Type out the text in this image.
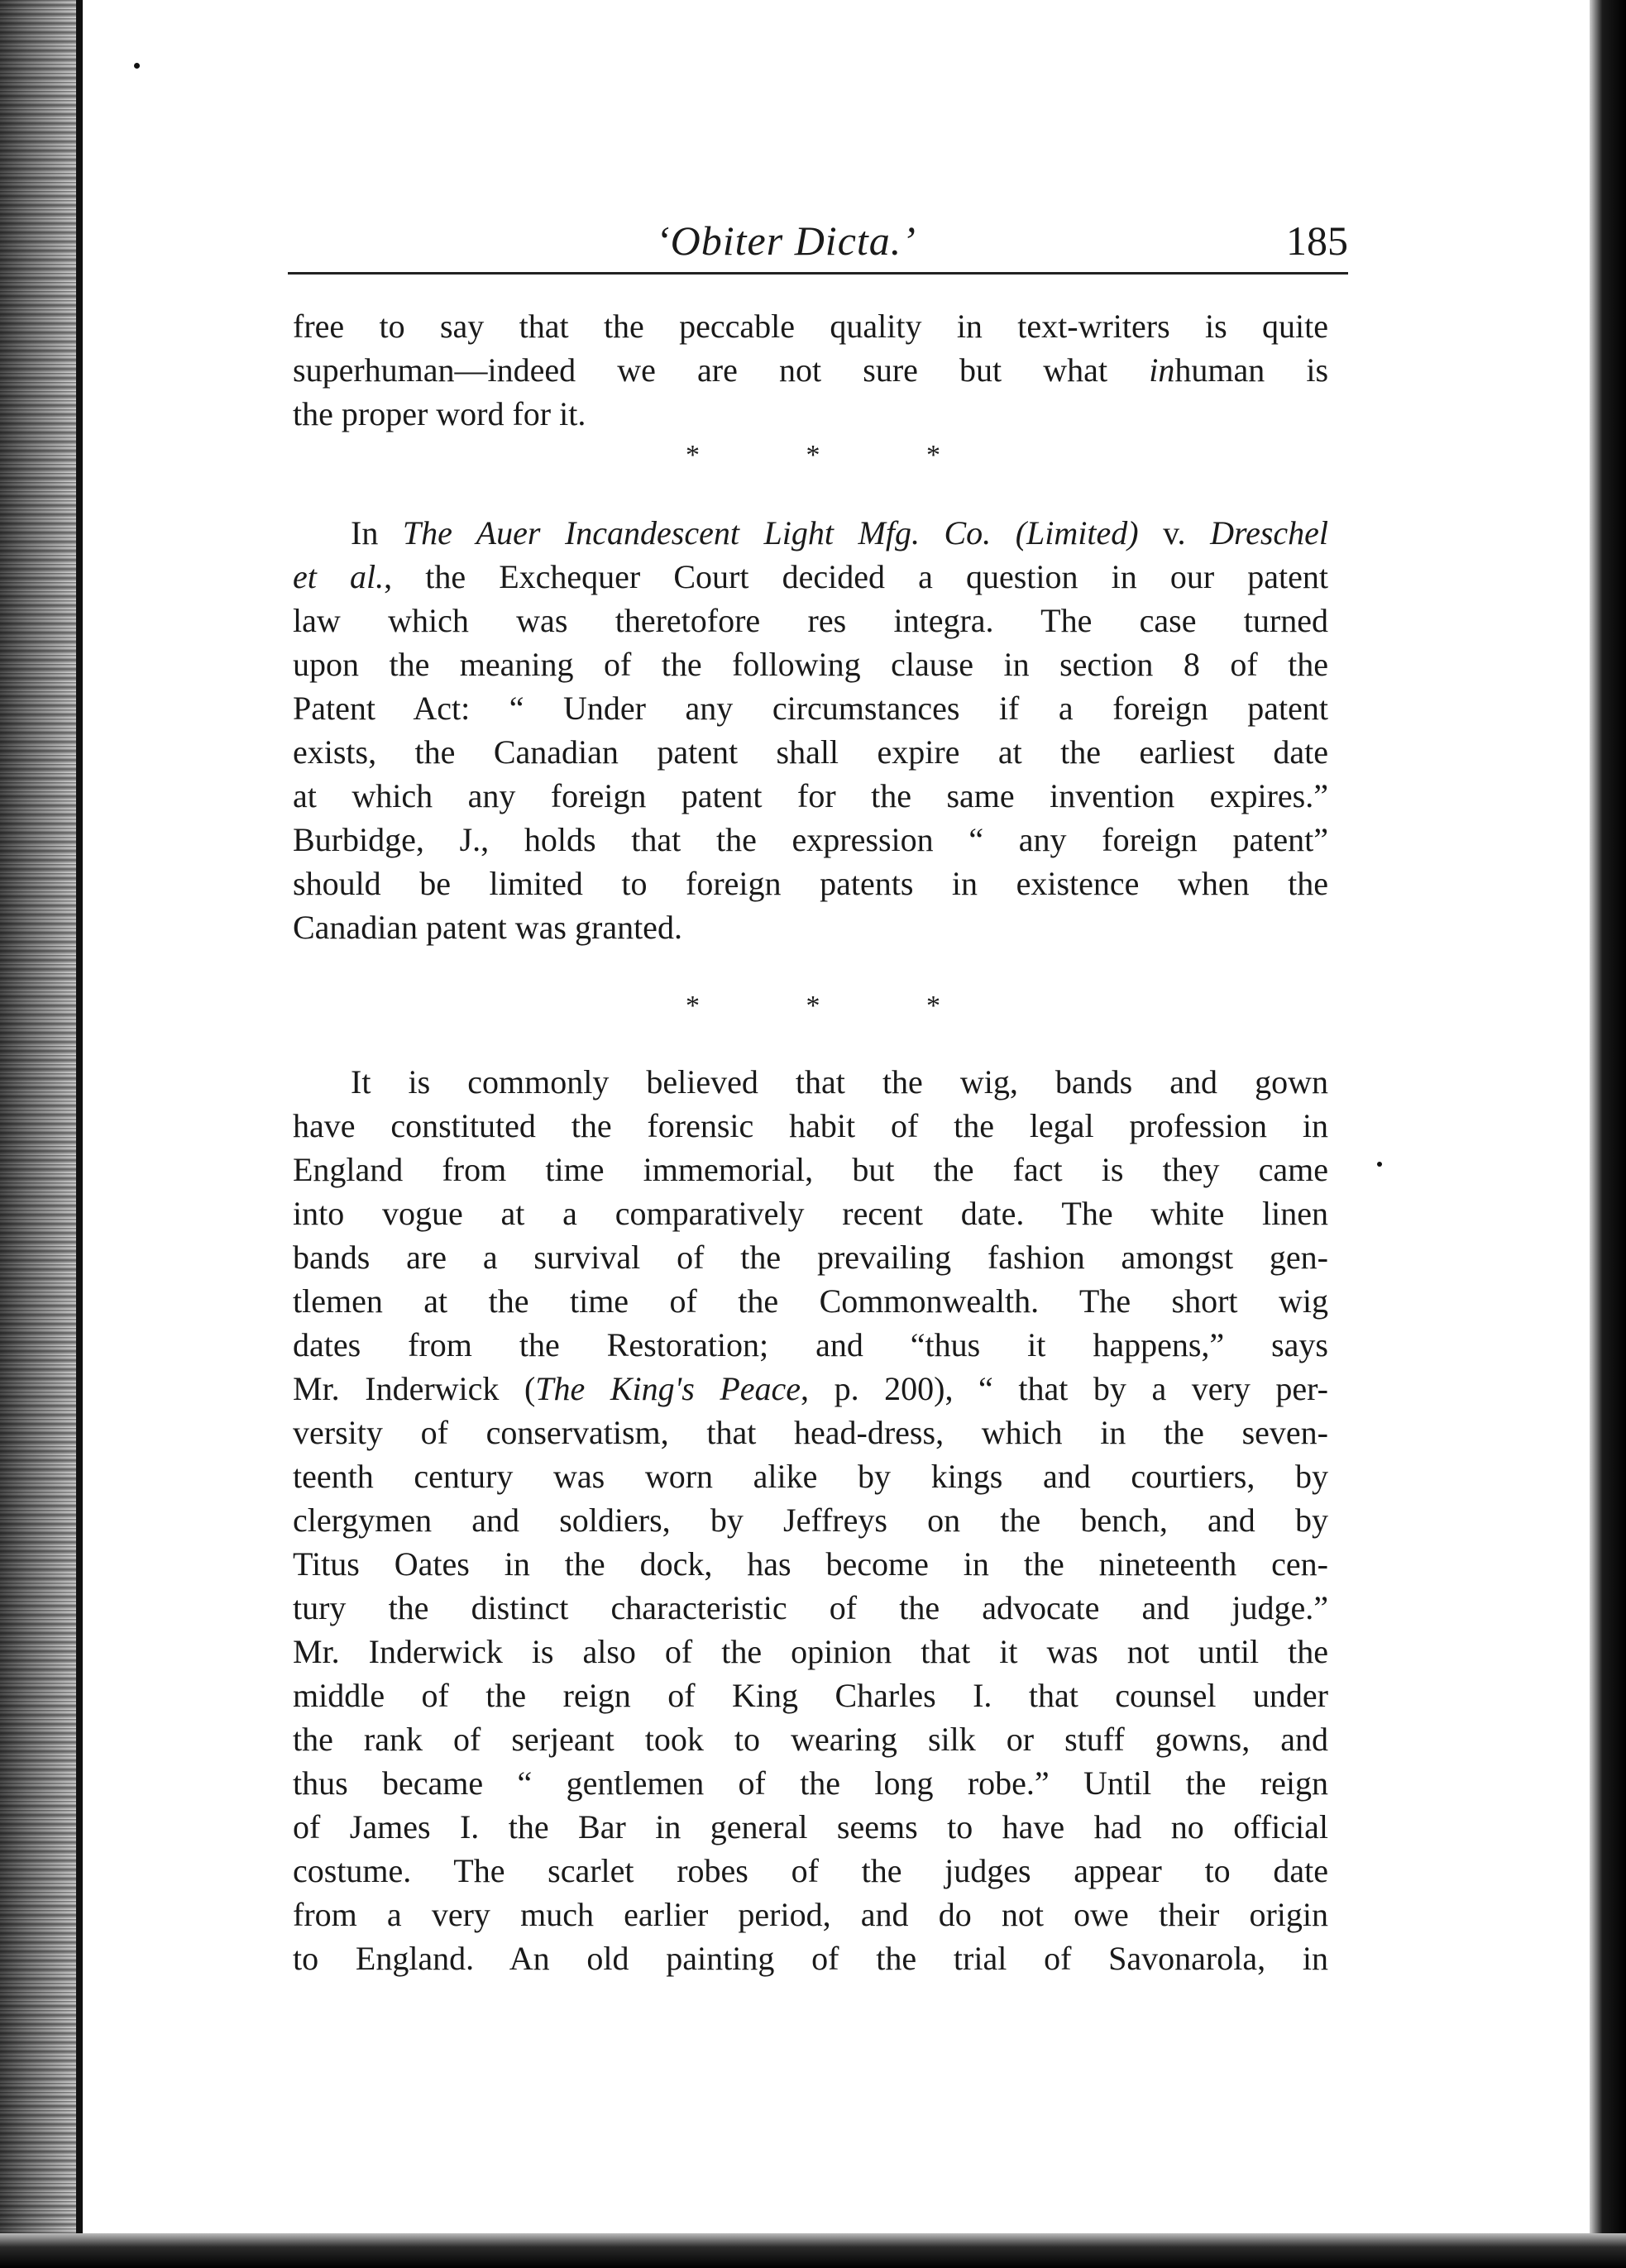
‘Obiter Dicta.’	185
free to say that the peccable quality in text-writers is quite
superhuman—indeed we are not sure but what inhuman is
the proper word for it.
* * *
In The Auer Incandescent Light Mfg. Co. (Limited) v. Dreschel
et al., the Exchequer Court decided a question in our patent
law which was theretofore res integra. The case turned
upon the meaning of the following clause in section 8 of the
Patent Act: “ Under any circumstances if a foreign patent
exists, the Canadian patent shall expire at the earliest date
at which any foreign patent for the same invention expires.”
Burbidge, J., holds that the expression “ any foreign patent”
should be limited to foreign patents in existence when the
Canadian patent was granted.
* * *
It is commonly believed that the wig, bands and gown
have constituted the forensic habit of the legal profession in
England from time immemorial, but the fact is they came
into vogue at a comparatively recent date. The white linen
bands are a survival of the prevailing fashion amongst gen-
tlemen at the time of the Commonwealth. The short wig
dates from the Restoration; and “thus it happens,” says
Mr. Inderwick (The King's Peace, p. 200), “ that by a very per-
versity of conservatism, that head-dress, which in the seven-
teenth century was worn alike by kings and courtiers, by
clergymen and soldiers, by Jeffreys on the bench, and by
Titus Oates in the dock, has become in the nineteenth cen-
tury the distinct characteristic of the advocate and judge.”
Mr. Inderwick is also of the opinion that it was not until the
middle of the reign of King Charles I. that counsel under
the rank of serjeant took to wearing silk or stuff gowns, and
thus became “ gentlemen of the long robe.” Until the reign
of James I. the Bar in general seems to have had no official
costume. The scarlet robes of the judges appear to date
from a very much earlier period, and do not owe their origin
to England. An old painting of the trial of Savonarola, in
